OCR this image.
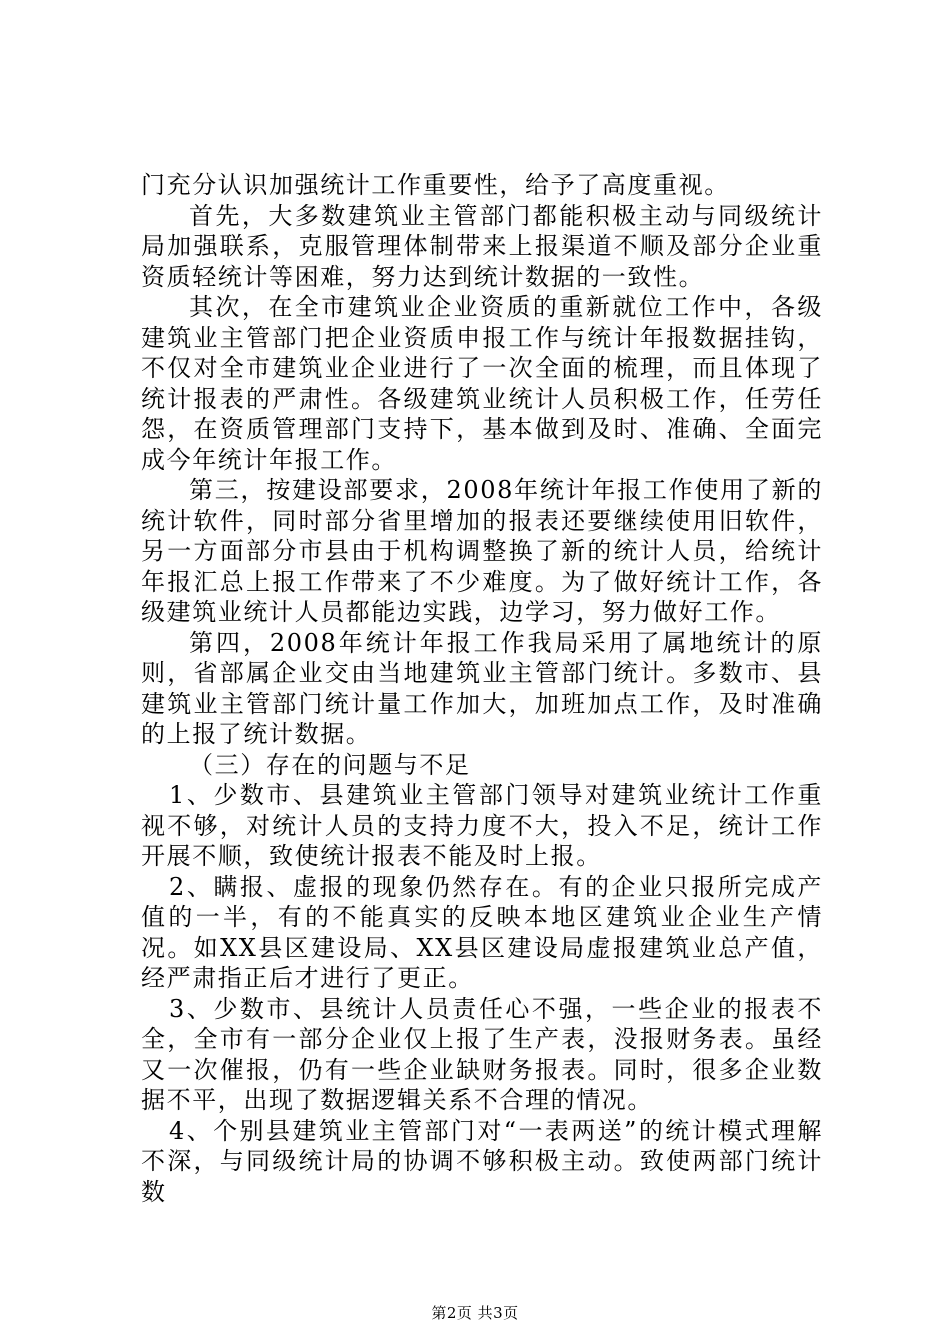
门充分认识加强统计工作重要性，给予了高度重视。

首先，大多数建筑业主管部门都能积极主动与同级统计局加强联系，克服管理体制带来上报渠道不顺及部分企业重资质轻统计等困难，努力达到统计数据的一致性。

其次，在全市建筑业企业资质的重新就位工作中，各级建筑业主管部门把企业资质申报工作与统计年报数据挂钩，不仅对全市建筑业企业进行了一次全面的梳理，而且体现了统计报表的严肃性。各级建筑业统计人员积极工作，任劳任怨，在资质管理部门支持下，基本做到及时、准确、全面完成今年统计年报工作。

第三，按建设部要求，2008年统计年报工作使用了新的统计软件，同时部分省里增加的报表还要继续使用旧软件，另一方面部分市县由于机构调整换了新的统计人员，给统计年报汇总上报工作带来了不少难度。为了做好统计工作，各级建筑业统计人员都能边实践，边学习，努力做好工作。

第四，2008年统计年报工作我局采用了属地统计的原则，省部属企业交由当地建筑业主管部门统计。多数市、县建筑业主管部门统计量工作加大，加班加点工作，及时准确的上报了统计数据。

（三）存在的问题与不足

1、少数市、县建筑业主管部门领导对建筑业统计工作重视不够，对统计人员的支持力度不大，投入不足，统计工作开展不顺，致使统计报表不能及时上报。

2、瞒报、虚报的现象仍然存在。有的企业只报所完成产值的一半，有的不能真实的反映本地区建筑业企业生产情况。如XX县区建设局、XX县区建设局虚报建筑业总产值，经严肃指正后才进行了更正。

3、少数市、县统计人员责任心不强，一些企业的报表不全，全市有一部分企业仅上报了生产表，没报财务表。虽经又一次催报，仍有一些企业缺财务报表。同时，很多企业数据不平，出现了数据逻辑关系不合理的情况。

4、个别县建筑业主管部门对“一表两送”的统计模式理解不深，与同级统计局的协调不够积极主动。致使两部门统计数

第2页 共3页
